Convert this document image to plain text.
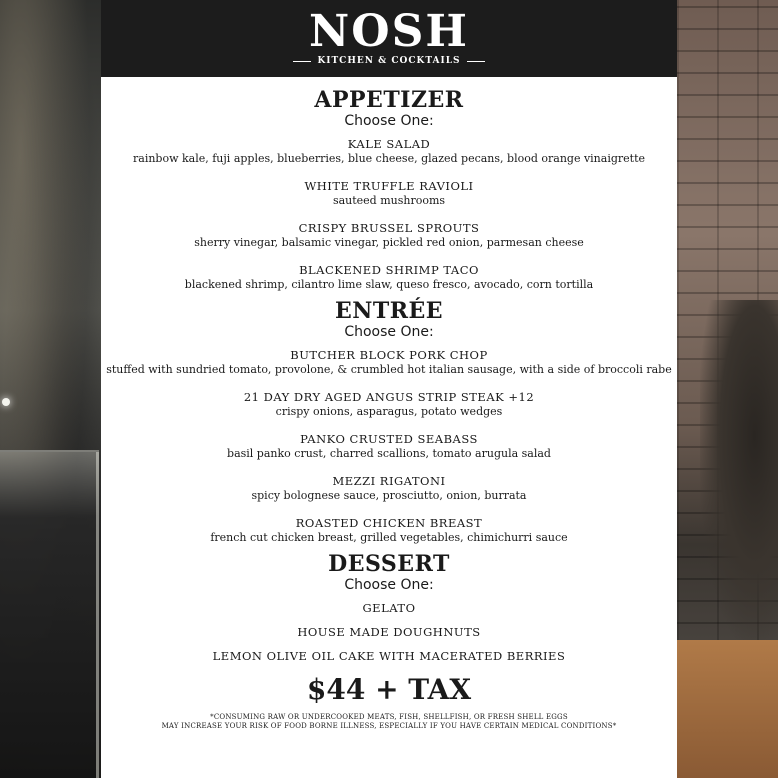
NOSH
KITCHEN & COCKTAILS
APPETIZER
Choose One:
KALE SALAD
rainbow kale, fuji apples, blueberries, blue cheese, glazed pecans, blood orange vinaigrette
WHITE TRUFFLE RAVIOLI
sauteed mushrooms
CRISPY BRUSSEL SPROUTS
sherry vinegar, balsamic vinegar, pickled red onion, parmesan cheese
BLACKENED SHRIMP TACO
blackened shrimp, cilantro lime slaw, queso fresco, avocado, corn tortilla
ENTRÉE
Choose One:
BUTCHER BLOCK PORK CHOP
stuffed with sundried tomato, provolone, & crumbled hot italian sausage, with a side of broccoli rabe
21 DAY DRY AGED ANGUS STRIP STEAK +12
crispy onions, asparagus, potato wedges
PANKO CRUSTED SEABASS
basil panko crust, charred scallions, tomato arugula salad
MEZZI RIGATONI
spicy bolognese sauce, prosciutto, onion, burrata
ROASTED CHICKEN BREAST
french cut chicken breast, grilled vegetables, chimichurri sauce
DESSERT
Choose One:
GELATO
HOUSE MADE DOUGHNUTS
LEMON OLIVE OIL CAKE WITH MACERATED BERRIES
$44 + TAX
*CONSUMING RAW OR UNDERCOOKED MEATS, FISH, SHELLFISH, OR FRESH SHELL EGGS
MAY INCREASE YOUR RISK OF FOOD BORNE ILLNESS, ESPECIALLY IF YOU HAVE CERTAIN MEDICAL CONDITIONS*
menupix
